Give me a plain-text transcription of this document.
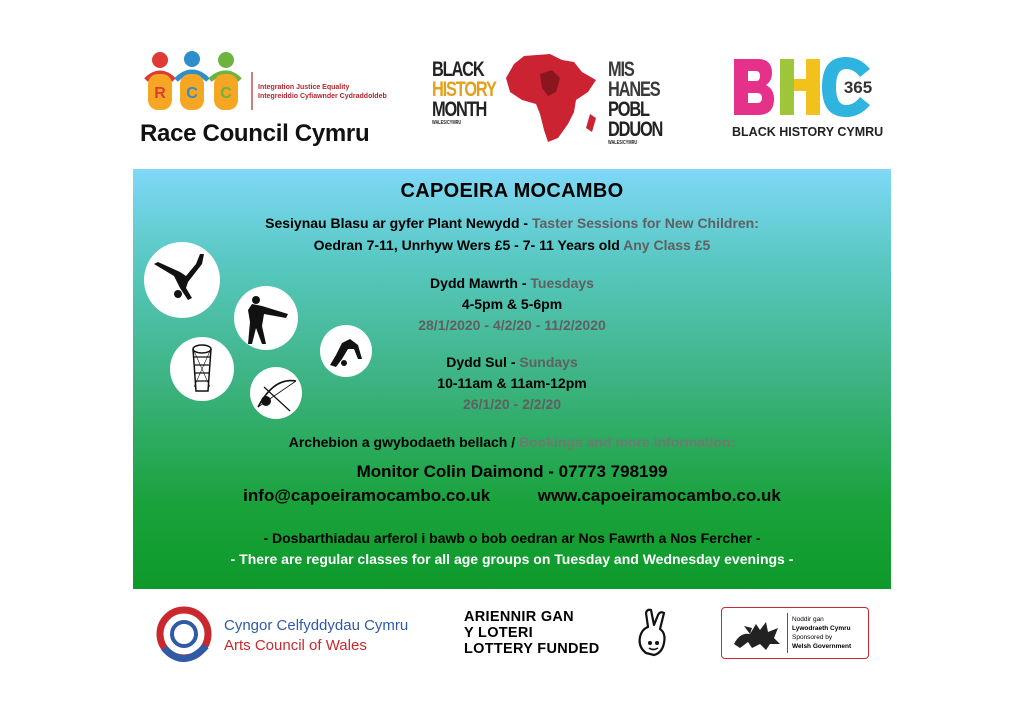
R C C	Integration Justice Equality
Integreiddio Cyfiawnder Cydraddoldeb
Race Council Cymru
BLACK
HISTORY
MONTH
WALES/CYMRU
MIS HANES
POBL
DDUON
WALES/CYMRU
365
BLACK HISTORY CYMRU
CAPOEIRA MOCAMBO
Sesiynau Blasu ar gyfer Plant Newydd - Taster Sessions for New Children:
Oedran 7-11, Unrhyw Wers £5 - 7- 11 Years old Any Class £5
Dydd Mawrth - Tuesdays
4-5pm & 5-6pm
28/1/2020 - 4/2/20 - 11/2/2020
Dydd Sul - Sundays
10-11am & 11am-12pm
26/1/20 - 2/2/20
Archebion a gwybodaeth bellach / Bookings and more information:
Monitor Colin Daimond - 07773 798199
info@capoeiramocambo.co.uk	www.capoeiramocambo.co.uk
- Dosbarthiadau arferol i bawb o bob oedran ar Nos Fawrth a Nos Fercher -
- There are regular classes for all age groups on Tuesday and Wednesday evenings -
Cyngor Celfyddydau Cymru
Arts Council of Wales
ARIENNIR GAN
Y LOTERI
LOTTERY FUNDED
Noddir gan
Lywodraeth Cymru
Sponsored by
Welsh Government
